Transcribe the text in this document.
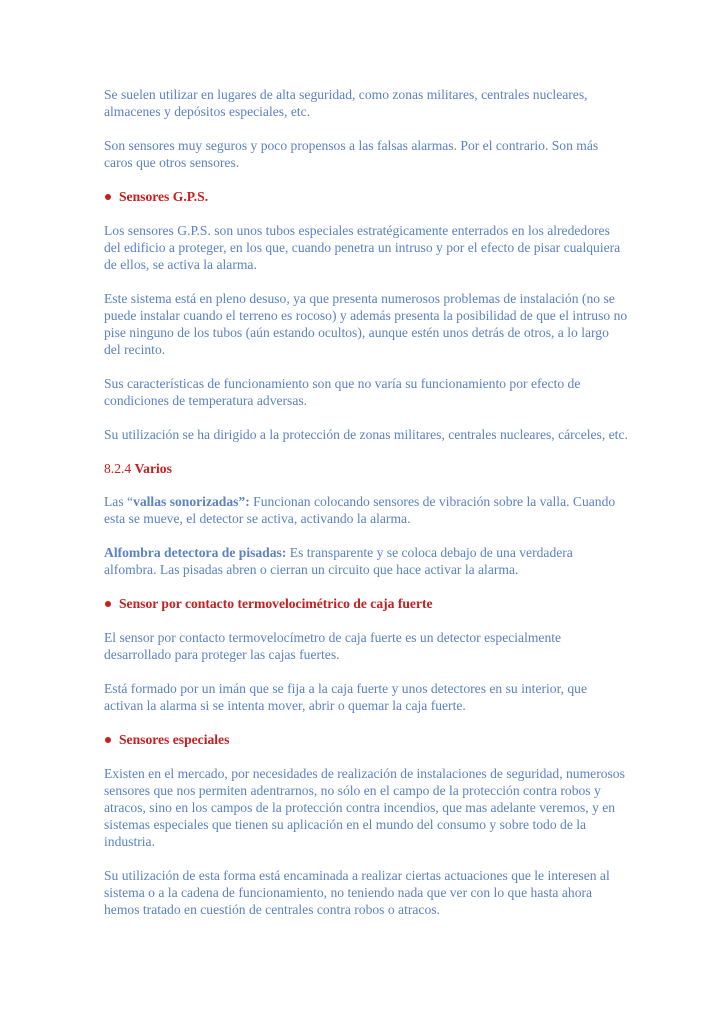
Se suelen utilizar en lugares de alta seguridad, como zonas militares, centrales nucleares, almacenes y depósitos especiales, etc.

Son sensores muy seguros y poco propensos a las falsas alarmas. Por el contrario. Son más caros que otros sensores.

Sensores G.P.S.

Los sensores G.P.S. son unos tubos especiales estratégicamente enterrados en los alrededores del edificio a proteger, en los que, cuando penetra un intruso y por el efecto de pisar cualquiera de ellos, se activa la alarma.

Este sistema está en pleno desuso, ya que presenta numerosos problemas de instalación (no se puede instalar cuando el terreno es rocoso) y además presenta la posibilidad de que el intruso no pise ninguno de los tubos (aún estando ocultos), aunque estén unos detrás de otros, a lo largo del recinto.

Sus características de funcionamiento son que no varía su funcionamiento por efecto de condiciones de temperatura adversas.

Su utilización se ha dirigido a la protección de zonas militares, centrales nucleares, cárceles, etc.

8.2.4 Varios

Las “vallas sonorizadas”: Funcionan colocando sensores de vibración sobre la valla. Cuando esta se mueve, el detector se activa, activando la alarma.

Alfombra detectora de pisadas: Es transparente y se coloca debajo de una verdadera alfombra. Las pisadas abren o cierran un circuito que hace activar la alarma.

Sensor por contacto termovelocimétrico de caja fuerte

El sensor por contacto termovelocímetro de caja fuerte es un detector especialmente desarrollado para proteger las cajas fuertes.

Está formado por un imán que se fija a la caja fuerte y unos detectores en su interior, que activan la alarma si se intenta mover, abrir o quemar la caja fuerte.

Sensores especiales

Existen en el mercado, por necesidades de realización de instalaciones de seguridad, numerosos sensores que nos permiten adentrarnos, no sólo en el campo de la protección contra robos y atracos, sino en los campos de la protección contra incendios, que mas adelante veremos, y en sistemas especiales que tienen su aplicación en el mundo del consumo y sobre todo de la industria.

Su utilización de esta forma está encaminada a realizar ciertas actuaciones que le interesen al sistema o a la cadena de funcionamiento, no teniendo nada que ver con lo que hasta ahora hemos tratado en cuestión de centrales contra robos o atracos.
